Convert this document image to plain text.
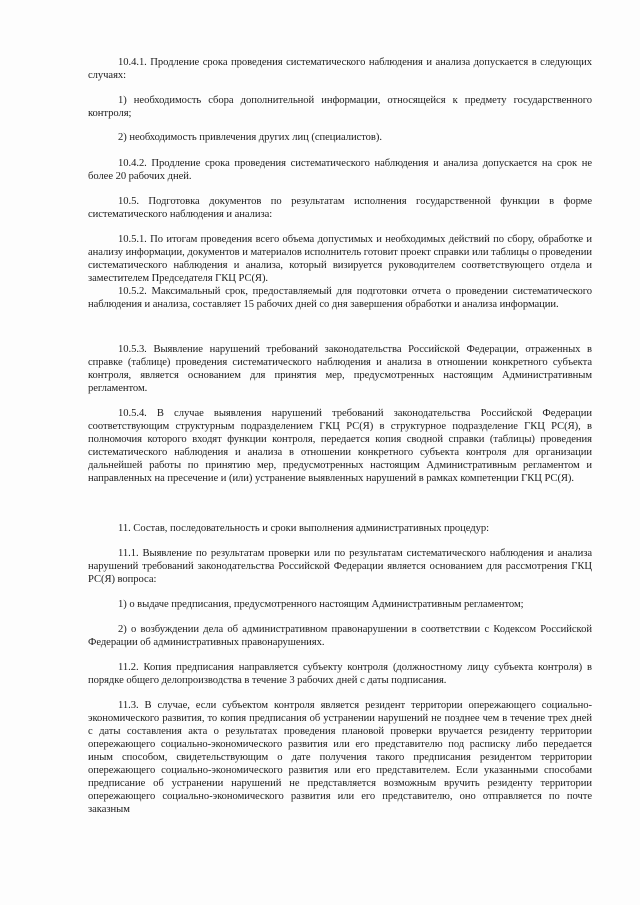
10.4.1. Продление срока проведения систематического наблюдения и анализа допускается в следующих случаях:

1) необходимость сбора дополнительной информации, относящейся к предмету государственного контроля;

2) необходимость привлечения других лиц (специалистов).

10.4.2. Продление срока проведения систематического наблюдения и анализа допускается на срок не более 20 рабочих дней.

10.5. Подготовка документов по результатам исполнения государственной функции в форме систематического наблюдения и анализа:

10.5.1. По итогам проведения всего объема допустимых и необходимых действий по сбору, обработке и анализу информации, документов и материалов исполнитель готовит проект справки или таблицы о проведении систематического наблюдения и анализа, который визируется руководителем соответствующего отдела и заместителем Председателя ГКЦ РС(Я).

10.5.2. Максимальный срок, предоставляемый для подготовки отчета о проведении систематического наблюдения и анализа, составляет 15 рабочих дней со дня завершения обработки и анализа информации.

10.5.3. Выявление нарушений требований законодательства Российской Федерации, отраженных в справке (таблице) проведения систематического наблюдения и анализа в отношении конкретного субъекта контроля, является основанием для принятия мер, предусмотренных настоящим Административным регламентом.

10.5.4. В случае выявления нарушений требований законодательства Российской Федерации соответствующим структурным подразделением ГКЦ РС(Я) в структурное подразделение ГКЦ РС(Я), в полномочия которого входят функции контроля, передается копия сводной справки (таблицы) проведения систематического наблюдения и анализа в отношении конкретного субъекта контроля для организации дальнейшей работы по принятию мер, предусмотренных настоящим Административным регламентом и направленных на пресечение и (или) устранение выявленных нарушений в рамках компетенции ГКЦ РС(Я).

11. Состав, последовательность и сроки выполнения административных процедур:

11.1. Выявление по результатам проверки или по результатам систематического наблюдения и анализа нарушений требований законодательства Российской Федерации является основанием для рассмотрения ГКЦ РС(Я) вопроса:

1) о выдаче предписания, предусмотренного настоящим Административным регламентом;

2) о возбуждении дела об административном правонарушении в соответствии с Кодексом Российской Федерации об административных правонарушениях.

11.2. Копия предписания направляется субъекту контроля (должностному лицу субъекта контроля) в порядке общего делопроизводства в течение 3 рабочих дней с даты подписания.

11.3. В случае, если субъектом контроля является резидент территории опережающего социально-экономического развития, то копия предписания об устранении нарушений не позднее чем в течение трех дней с даты составления акта о результатах проведения плановой проверки вручается резиденту территории опережающего социально-экономического развития или его представителю под расписку либо передается иным способом, свидетельствующим о дате получения такого предписания резидентом территории опережающего социально-экономического развития или его представителем. Если указанными способами предписание об устранении нарушений не представляется возможным вручить резиденту территории опережающего социально-экономического развития или его представителю, оно отправляется по почте заказным
